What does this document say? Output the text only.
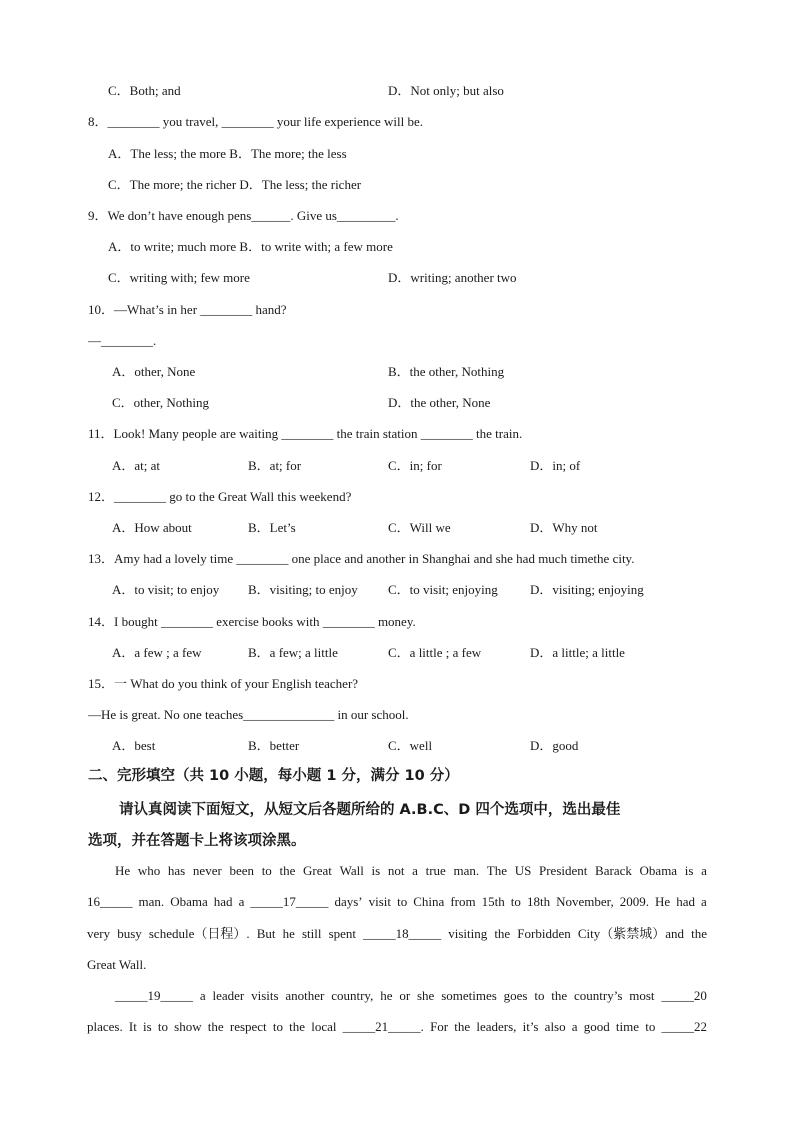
C．Both; and	D．Not only; but also
8．________ you travel, ________ your life experience will be.
A．The less; the more B．The more; the less
C．The more; the richer D．The less; the richer
9．We don’t have enough pens______. Give us_________.
A．to write; much more B．to write with; a few more
C．writing with; few more	D．writing; another two
10．—What’s in her ________ hand?
—________.
A．other, None	B．the other, Nothing
C．other, Nothing	D．the other, None
11．Look! Many people are waiting ________ the train station ________ the train.
A．at; at	B．at; for	C．in; for	D．in; of
12．________ go to the Great Wall this weekend?
A．How about	B．Let’s	C．Will we	D．Why not
13．Amy had a lovely time ________ one place and another in Shanghai and she had much timethe city.
A．to visit; to enjoy B．visiting; to enjoy C．to visit; enjoying D．visiting; enjoying
14．I bought ________ exercise books with ________ money.
A．a few ; a few	B．a few; a little	C．a little ; a few	D．a little; a little
15．一 What do you think of your English teacher?
—He is great. No one teaches______________ in our school.
A．best	B．better	C．well	D．good
二、完形填空（共 10 小题，每小题 1 分，满分 10 分）
请认真阅读下面短文，从短文后各题所给的 A.B.C、D 四个选项中，选出最佳
选项，并在答题卡上将该项涂黑。
He who has never been to the Great Wall is not a true man. The US President Barack Obama is a
16_____ man. Obama had a _____17_____ days’ visit to China from 15th to 18th November, 2009. He had a
very busy schedule（日程）. But he still spent _____18_____ visiting the Forbidden City（紫禁城）and the
Great Wall.
_____19_____ a leader visits another country, he or she sometimes goes to the country’s most _____20
places. It is to show the respect to the local _____21_____. For the leaders, it’s also a good time to _____22
